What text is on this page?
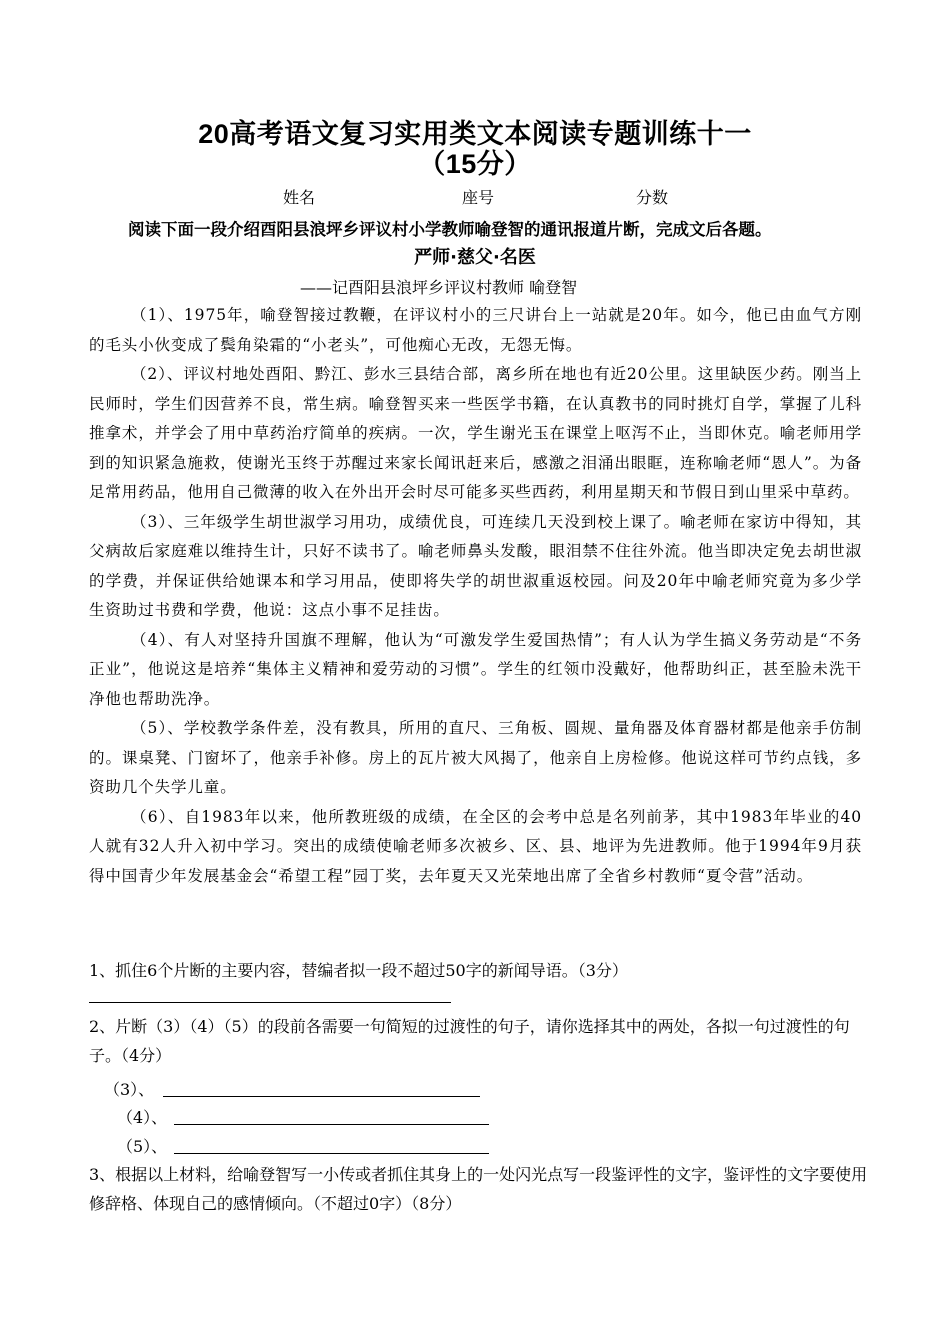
20高考语文复习实用类文本阅读专题训练十一
（15分）
姓名	座号	分数
阅读下面一段介绍酉阳县浪坪乡评议村小学教师喻登智的通讯报道片断，完成文后各题。
严师·慈父·名医
——记酉阳县浪坪乡评议村教师 喻登智

（1）、1975年，喻登智接过教鞭，在评议村小的三尺讲台上一站就是20年。如今，他已由血气方刚的毛头小伙变成了鬓角染霜的“小老头”，可他痴心无改，无怨无悔。

（2）、评议村地处酉阳、黔江、彭水三县结合部，离乡所在地也有近20公里。这里缺医少药。刚当上民师时，学生们因营养不良，常生病。喻登智买来一些医学书籍，在认真教书的同时挑灯自学，掌握了儿科推拿术，并学会了用中草药治疗简单的疾病。一次，学生谢光玉在课堂上呕泻不止，当即休克。喻老师用学到的知识紧急施救，使谢光玉终于苏醒过来家长闻讯赶来后，感激之泪涌出眼眶，连称喻老师“恩人”。为备足常用药品，他用自己微薄的收入在外出开会时尽可能多买些西药，利用星期天和节假日到山里采中草药。

（3）、三年级学生胡世淑学习用功，成绩优良，可连续几天没到校上课了。喻老师在家访中得知，其父病故后家庭难以维持生计，只好不读书了。喻老师鼻头发酸，眼泪禁不住往外流。他当即决定免去胡世淑的学费，并保证供给她课本和学习用品，使即将失学的胡世淑重返校园。问及20年中喻老师究竟为多少学生资助过书费和学费，他说：这点小事不足挂齿。

（4）、有人对坚持升国旗不理解，他认为“可激发学生爱国热情”；有人认为学生搞义务劳动是“不务正业”，他说这是培养“集体主义精神和爱劳动的习惯”。学生的红领巾没戴好，他帮助纠正，甚至脸未洗干净他也帮助洗净。

（5）、学校教学条件差，没有教具，所用的直尺、三角板、圆规、量角器及体育器材都是他亲手仿制的。课桌凳、门窗坏了，他亲手补修。房上的瓦片被大风揭了，他亲自上房检修。他说这样可节约点钱，多资助几个失学儿童。

（6）、自1983年以来，他所教班级的成绩，在全区的会考中总是名列前茅，其中1983年毕业的40人就有32人升入初中学习。突出的成绩使喻老师多次被乡、区、县、地评为先进教师。他于1994年9月获得中国青少年发展基金会“希望工程”园丁奖，去年夏天又光荣地出席了全省乡村教师“夏令营”活动。

1、抓住6个片断的主要内容，替编者拟一段不超过50字的新闻导语。（3分）
2、片断（3）（4）（5）的段前各需要一句简短的过渡性的句子，请你选择其中的两处，各拟一句过渡性的句子。（4分）
（3）、
（4）、
（5）、
3、根据以上材料，给喻登智写一小传或者抓住其身上的一处闪光点写一段鉴评性的文字，鉴评性的文字要使用修辞格、体现自己的感情倾向。（不超过0字）（8分）
